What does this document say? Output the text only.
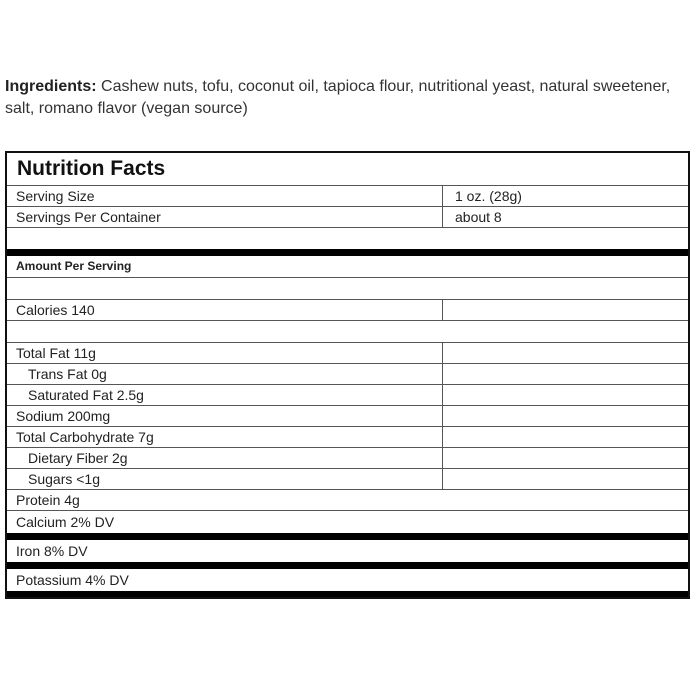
Ingredients: Cashew nuts, tofu, coconut oil, tapioca flour, nutritional yeast, natural sweetener, salt, romano flavor (vegan source)
Nutrition Facts
Serving Size	1 oz. (28g)
Servings Per Container	about 8
Amount Per Serving
Calories 140
Total Fat 11g
Trans Fat 0g
Saturated Fat 2.5g
Sodium 200mg
Total Carbohydrate 7g
Dietary Fiber 2g
Sugars <1g
Protein 4g
Calcium 2% DV
Iron 8% DV
Potassium 4% DV
